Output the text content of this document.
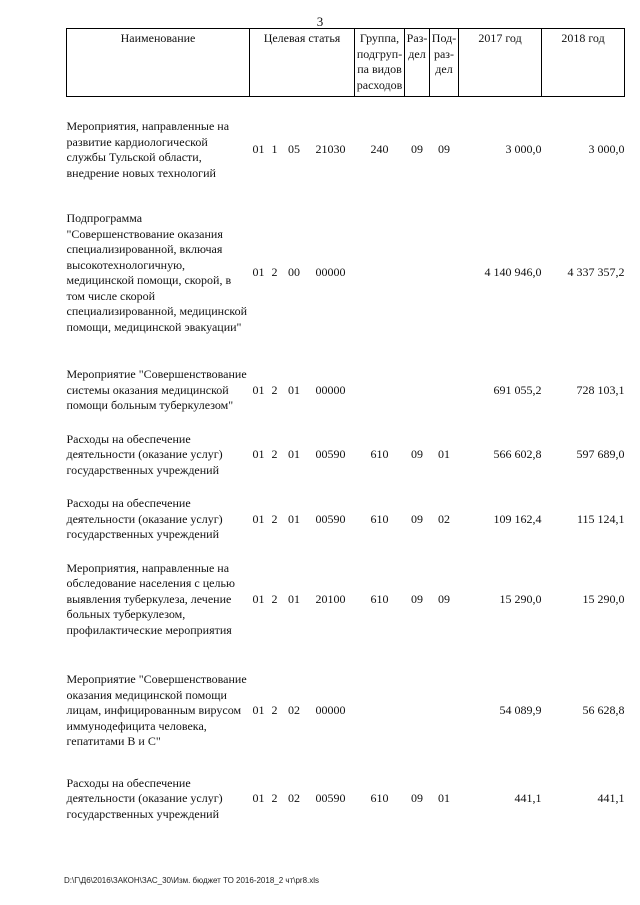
3
Наименование	Целевая статья				Группа, подгруп-па видов расходов	Раз-дел	Под-раз-дел	2017 год	2018 год

Мероприятия, направленные на развитие кардиологической службы Тульской области, внедрение новых технологий	01	1	05	21030	240	09	09	3 000,0	3 000,0

Подпрограмма "Совершенствование оказания специализированной, включая высокотехнологичную, медицинской помощи, скорой, в том числе скорой специализированной, медицинской помощи, медицинской эвакуации"	01	2	00	00000				4 140 946,0	4 337 357,2

Мероприятие "Совершенствование системы оказания медицинской помощи больным туберкулезом"	01	2	01	00000				691 055,2	728 103,1

Расходы на обеспечение деятельности (оказание услуг) государственных учреждений	01	2	01	00590	610	09	01	566 602,8	597 689,0

Расходы на обеспечение деятельности (оказание услуг) государственных учреждений	01	2	01	00590	610	09	02	109 162,4	115 124,1

Мероприятия, направленные на обследование населения с целью выявления туберкулеза, лечение больных туберкулезом, профилактические мероприятия	01	2	01	20100	610	09	09	15 290,0	15 290,0

Мероприятие "Совершенствование оказания медицинской помощи лицам, инфицированным вирусом иммунодефицита человека, гепатитами В и С"	01	2	02	00000				54 089,9	56 628,8

Расходы на обеспечение деятельности (оказание услуг) государственных учреждений	01	2	02	00590	610	09	01	441,1	441,1
D:\Г\Д6\2016\ЗАКОН\ЗАС_30\Изм. бюджет ТО 2016-2018_2 чт\pr8.xls
